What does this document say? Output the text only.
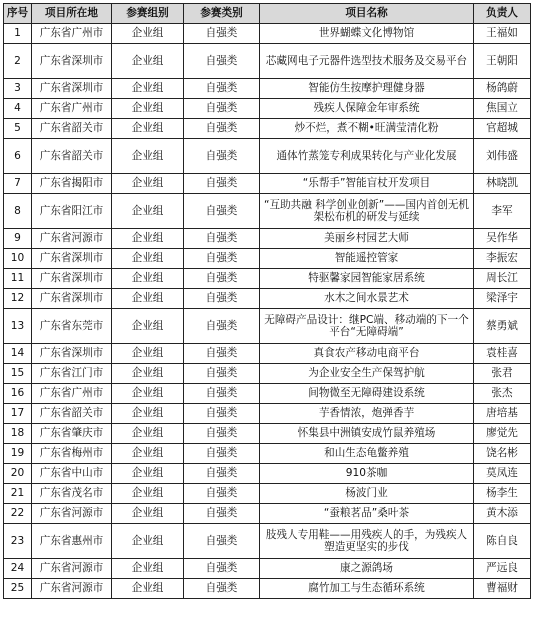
序号	项目所在地	参赛组别	参赛类别	项目名称	负责人
1	广东省广州市	企业组	自强类	世界蝴蝶文化博物馆	王福如
2	广东省深圳市	企业组	自强类	芯藏网电子元器件选型技术服务及交易平台	王朝阳
3	广东省深圳市	企业组	自强类	智能仿生按摩护理健身器	杨鸽蔚
4	广东省广州市	企业组	自强类	残疾人保障金年审系统	焦国立
5	广东省韶关市	企业组	自强类	炒不烂，煮不糊•旺满莹清化粉	官超城
6	广东省韶关市	企业组	自强类	通体竹蒸笼专利成果转化与产业化发展	刘伟盛
7	广东省揭阳市	企业组	自强类	“乐帮手”智能盲杖开发项目	林晓凯
8	广东省阳江市	企业组	自强类	“互助共融 科学创业创新”——国内首创无机架松布机的研发与延续	李军
9	广东省河源市	企业组	自强类	美丽乡村园艺大师	吴作华
10	广东省深圳市	企业组	自强类	智能遥控管家	李振宏
11	广东省深圳市	企业组	自强类	特驱馨家园智能家居系统	周长江
12	广东省深圳市	企业组	自强类	水木之间水景艺术	梁泽宇
13	广东省东莞市	企业组	自强类	无障碍产品设计：继PC端、移动端的下一个平台“无障碍端”	蔡勇斌
14	广东省深圳市	企业组	自强类	真食农产移动电商平台	袁桂喜
15	广东省江门市	企业组	自强类	为企业安全生产保驾护航	张君
16	广东省广州市	企业组	自强类	间物微至无障碍建设系统	张杰
17	广东省韶关市	企业组	自强类	芋香情浓，炮弹香芋	唐培基
18	广东省肇庆市	企业组	自强类	怀集县中洲镇安成竹鼠养殖场	廖觉先
19	广东省梅州市	企业组	自强类	和山生态龟鳖养殖	饶名彬
20	广东省中山市	企业组	自强类	910茶咖	莫凤连
21	广东省茂名市	企业组	自强类	杨波门业	杨李生
22	广东省河源市	企业组	自强类	“蚕粮茗品”桑叶茶	黄木添
23	广东省惠州市	企业组	自强类	肢残人专用鞋——用残疾人的手，为残疾人塑造更坚实的步伐	陈自良
24	广东省河源市	企业组	自强类	康之源鸽场	严远良
25	广东省河源市	企业组	自强类	腐竹加工与生态循环系统	曹福财
